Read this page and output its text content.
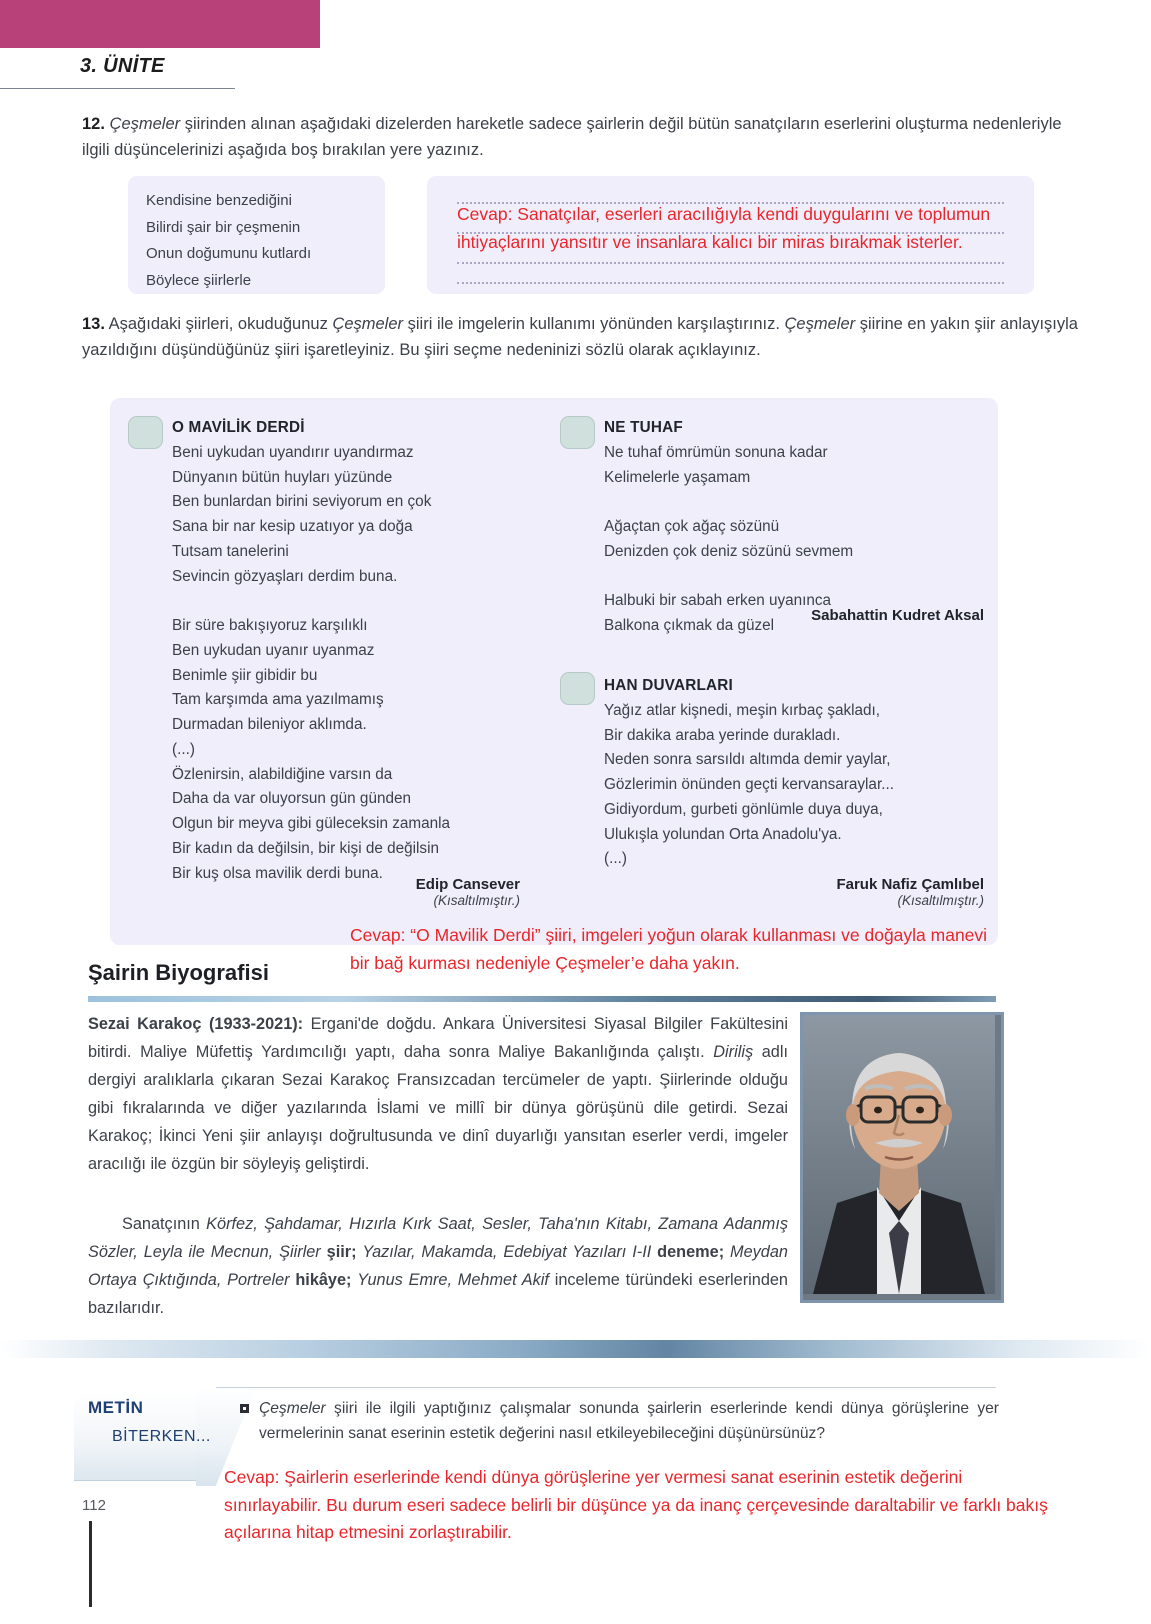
3. ÜNİTE
12. Çeşmeler şiirinden alınan aşağıdaki dizelerden hareketle sadece şairlerin değil bütün sanatçıların eserlerini oluşturma nedenleriyle ilgili düşüncelerinizi aşağıda boş bırakılan yere yazınız.
Kendisine benzediğini
Bilirdi şair bir çeşmenin
Onun doğumunu kutlardı
Böylece şiirlerle
Cevap: Sanatçılar, eserleri aracılığıyla kendi duygularını ve toplumun ihtiyaçlarını yansıtır ve insanlara kalıcı bir miras bırakmak isterler.
13. Aşağıdaki şiirleri, okuduğunuz Çeşmeler şiiri ile imgelerin kullanımı yönünden karşılaştırınız. Çeşmeler şiirine en yakın şiir anlayışıyla yazıldığını düşündüğünüz şiiri işaretleyiniz. Bu şiiri seçme nedeninizi sözlü olarak açıklayınız.
O MAVİLİK DERDİ
Beni uykudan uyandırır uyandırmaz
Dünyanın bütün huyları yüzünde
Ben bunlardan birini seviyorum en çok
Sana bir nar kesip uzatıyor ya doğa
Tutsam tanelerini
Sevincin gözyaşları derdim buna.

Bir süre bakışıyoruz karşılıklı
Ben uykudan uyanır uyanmaz
Benimle şiir gibidir bu
Tam karşımda ama yazılmamış
Durmadan bileniyor aklımda.
(...)
Özlenirsin, alabildiğine varsın da
Daha da var oluyorsun gün günden
Olgun bir meyva gibi güleceksin zamanla
Bir kadın da değilsin, bir kişi de değilsin
Bir kuş olsa mavilik derdi buna.
Edip Cansever
(Kısaltılmıştır.)
NE TUHAF
Ne tuhaf ömrümün sonuna kadar
Kelimelerle yaşamam

Ağaçtan çok ağaç sözünü
Denizden çok deniz sözünü sevmem

Halbuki bir sabah erken uyanınca
Balkona çıkmak da güzel
Sabahattin Kudret Aksal
HAN DUVARLARI
Yağız atlar kişnedi, meşin kırbaç şakladı,
Bir dakika araba yerinde durakladı.
Neden sonra sarsıldı altımda demir yaylar,
Gözlerimin önünden geçti kervansaraylar...
Gidiyordum, gurbeti gönlümle duya duya,
Ulukışla yolundan Orta Anadolu'ya.
(...)
Faruk Nafiz Çamlıbel
(Kısaltılmıştır.)
Cevap: “O Mavilik Derdi” şiiri, imgeleri yoğun olarak kullanması ve doğayla manevi bir bağ kurması nedeniyle Çeşmeler’e daha yakın.
Şairin Biyografisi
Sezai Karakoç (1933-2021): Ergani'de doğdu. Ankara Üniversitesi Siyasal Bilgiler Fakültesini bitirdi. Maliye Müfettiş Yardımcılığı yaptı, daha sonra Maliye Bakanlığında çalıştı. Diriliş adlı dergiyi aralıklarla çıkaran Sezai Karakoç Fransızcadan tercümeler de yaptı. Şiirlerinde olduğu gibi fıkralarında ve diğer yazılarında İslami ve millî bir dünya görüşünü dile getirdi. Sezai Karakoç; İkinci Yeni şiir anlayışı doğrultusunda ve dinî duyarlığı yansıtan eserler verdi, imgeler aracılığı ile özgün bir söyleyiş geliştirdi.
Sanatçının Körfez, Şahdamar, Hızırla Kırk Saat, Sesler, Taha'nın Kitabı, Zamana Adanmış Sözler, Leyla ile Mecnun, Şiirler şiir; Yazılar, Makamda, Edebiyat Yazıları I-II deneme; Meydan Ortaya Çıktığında, Portreler hikâye; Yunus Emre, Mehmet Akif inceleme türündeki eserlerinden bazılarıdır.
METİN
BİTERKEN...
Çeşmeler şiiri ile ilgili yaptığınız çalışmalar sonunda şairlerin eserlerinde kendi dünya görüşlerine yer vermelerinin sanat eserinin estetik değerini nasıl etkileyebileceğini düşünürsünüz?
Cevap: Şairlerin eserlerinde kendi dünya görüşlerine yer vermesi sanat eserinin estetik değerini sınırlayabilir. Bu durum eseri sadece belirli bir düşünce ya da inanç çerçevesinde daraltabilir ve farklı bakış açılarına hitap etmesini zorlaştırabilir.
112
